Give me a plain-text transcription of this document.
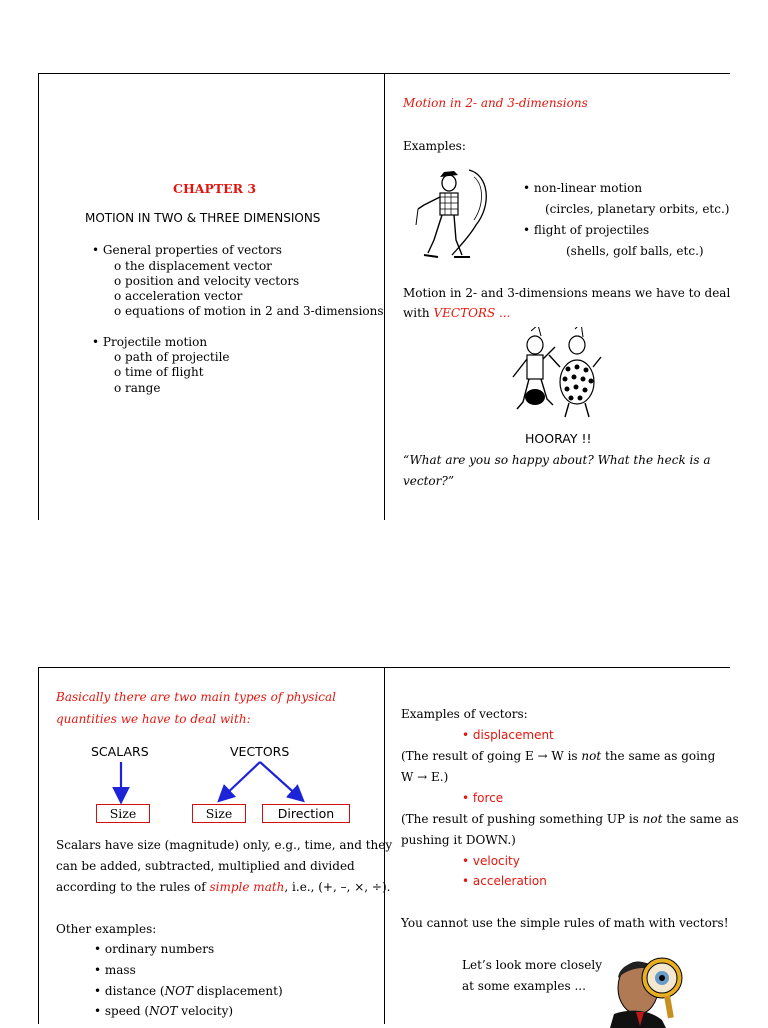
CHAPTER 3
MOTION IN TWO & THREE DIMENSIONS
• General properties of vectors
o the displacement vector
o position and velocity vectors
o acceleration vector
o equations of motion in 2 and 3-dimensions
• Projectile motion
o path of projectile
o time of flight
o range
Motion in 2- and 3-dimensions
Examples:
• non-linear motion
(circles, planetary orbits, etc.)
• flight of projectiles
(shells, golf balls, etc.)
Motion in 2- and 3-dimensions means we have to deal
with VECTORS ...
HOORAY !!
“What are you so happy about? What the heck is a
vector?”
Basically there are two main types of physical
quantities we have to deal with:
SCALARS	VECTORS
Size	Size	Direction
Scalars have size (magnitude) only, e.g., time, and they
can be added, subtracted, multiplied and divided
according to the rules of simple math, i.e., (+, –, ×, ÷).
Other examples:
• ordinary numbers
• mass
• distance (NOT displacement)
• speed (NOT velocity)
Examples of vectors:
• displacement
(The result of going E → W is not the same as going
W → E.)
• force
(The result of pushing something UP is not the same as
pushing it DOWN.)
• velocity
• acceleration
You cannot use the simple rules of math with vectors!
Let’s look more closely
at some examples ...
